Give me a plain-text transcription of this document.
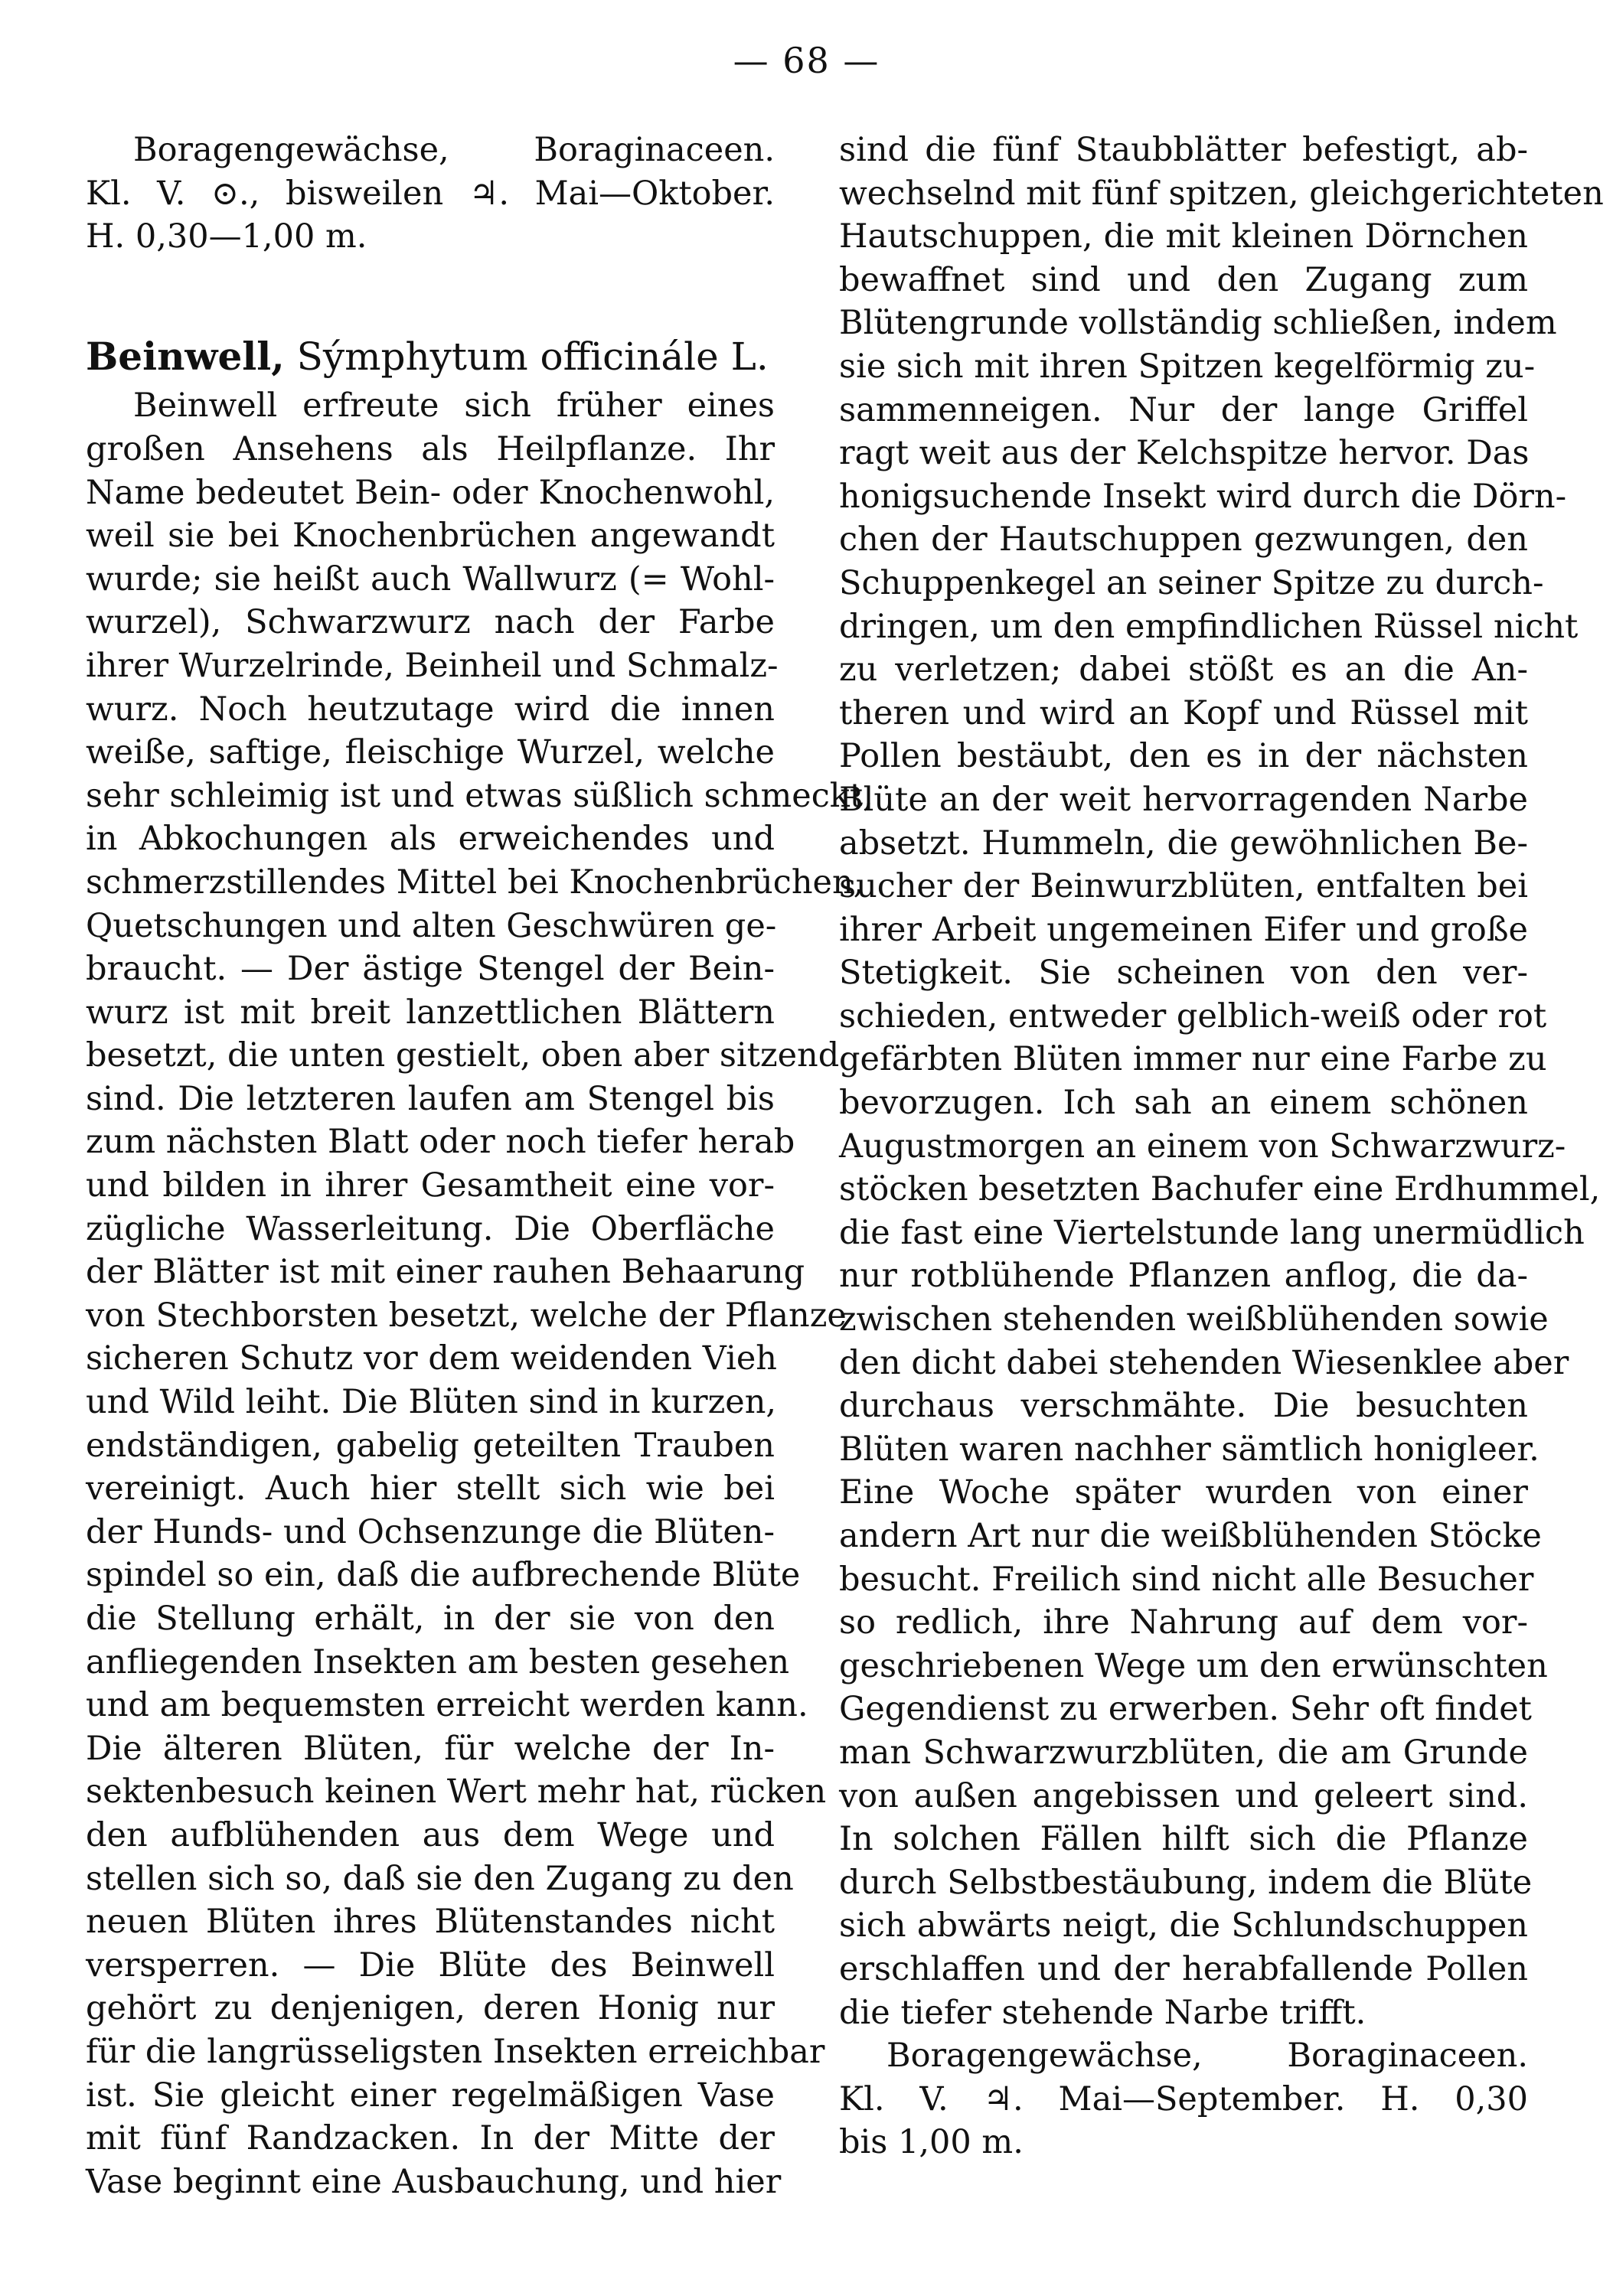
— 68 —
Boragengewächse, Boraginaceen.
Kl. V. ⊙., bisweilen ♃. Mai—Oktober.
H. 0,30—1,00 m.
Beinwell, Sýmphytum officinále L.
Beinwell erfreute sich früher eines
großen Ansehens als Heilpflanze. Ihr
Name bedeutet Bein- oder Knochenwohl,
weil sie bei Knochenbrüchen angewandt
wurde; sie heißt auch Wallwurz (= Wohl-
wurzel), Schwarzwurz nach der Farbe
ihrer Wurzelrinde, Beinheil und Schmalz-
wurz. Noch heutzutage wird die innen
weiße, saftige, fleischige Wurzel, welche
sehr schleimig ist und etwas süßlich schmeckt,
in Abkochungen als erweichendes und
schmerzstillendes Mittel bei Knochenbrüchen,
Quetschungen und alten Geschwüren ge-
braucht. — Der ästige Stengel der Bein-
wurz ist mit breit lanzettlichen Blättern
besetzt, die unten gestielt, oben aber sitzend
sind. Die letzteren laufen am Stengel bis
zum nächsten Blatt oder noch tiefer herab
und bilden in ihrer Gesamtheit eine vor-
zügliche Wasserleitung. Die Oberfläche
der Blätter ist mit einer rauhen Behaarung
von Stechborsten besetzt, welche der Pflanze
sicheren Schutz vor dem weidenden Vieh
und Wild leiht. Die Blüten sind in kurzen,
endständigen, gabelig geteilten Trauben
vereinigt. Auch hier stellt sich wie bei
der Hunds- und Ochsenzunge die Blüten-
spindel so ein, daß die aufbrechende Blüte
die Stellung erhält, in der sie von den
anfliegenden Insekten am besten gesehen
und am bequemsten erreicht werden kann.
Die älteren Blüten, für welche der In-
sektenbesuch keinen Wert mehr hat, rücken
den aufblühenden aus dem Wege und
stellen sich so, daß sie den Zugang zu den
neuen Blüten ihres Blütenstandes nicht
versperren. — Die Blüte des Beinwell
gehört zu denjenigen, deren Honig nur
für die langrüsseligsten Insekten erreichbar
ist. Sie gleicht einer regelmäßigen Vase
mit fünf Randzacken. In der Mitte der
Vase beginnt eine Ausbauchung, und hier
sind die fünf Staubblätter befestigt, ab-
wechselnd mit fünf spitzen, gleichgerichteten
Hautschuppen, die mit kleinen Dörnchen
bewaffnet sind und den Zugang zum
Blütengrunde vollständig schließen, indem
sie sich mit ihren Spitzen kegelförmig zu-
sammenneigen. Nur der lange Griffel
ragt weit aus der Kelchspitze hervor. Das
honigsuchende Insekt wird durch die Dörn-
chen der Hautschuppen gezwungen, den
Schuppenkegel an seiner Spitze zu durch-
dringen, um den empfindlichen Rüssel nicht
zu verletzen; dabei stößt es an die An-
theren und wird an Kopf und Rüssel mit
Pollen bestäubt, den es in der nächsten
Blüte an der weit hervorragenden Narbe
absetzt. Hummeln, die gewöhnlichen Be-
sucher der Beinwurzblüten, entfalten bei
ihrer Arbeit ungemeinen Eifer und große
Stetigkeit. Sie scheinen von den ver-
schieden, entweder gelblich-weiß oder rot
gefärbten Blüten immer nur eine Farbe zu
bevorzugen. Ich sah an einem schönen
Augustmorgen an einem von Schwarzwurz-
stöcken besetzten Bachufer eine Erdhummel,
die fast eine Viertelstunde lang unermüdlich
nur rotblühende Pflanzen anflog, die da-
zwischen stehenden weißblühenden sowie
den dicht dabei stehenden Wiesenklee aber
durchaus verschmähte. Die besuchten
Blüten waren nachher sämtlich honigleer.
Eine Woche später wurden von einer
andern Art nur die weißblühenden Stöcke
besucht. Freilich sind nicht alle Besucher
so redlich, ihre Nahrung auf dem vor-
geschriebenen Wege um den erwünschten
Gegendienst zu erwerben. Sehr oft findet
man Schwarzwurzblüten, die am Grunde
von außen angebissen und geleert sind.
In solchen Fällen hilft sich die Pflanze
durch Selbstbestäubung, indem die Blüte
sich abwärts neigt, die Schlundschuppen
erschlaffen und der herabfallende Pollen
die tiefer stehende Narbe trifft.
Boragengewächse, Boraginaceen.
Kl. V. ♃. Mai—September. H. 0,30
bis 1,00 m.
